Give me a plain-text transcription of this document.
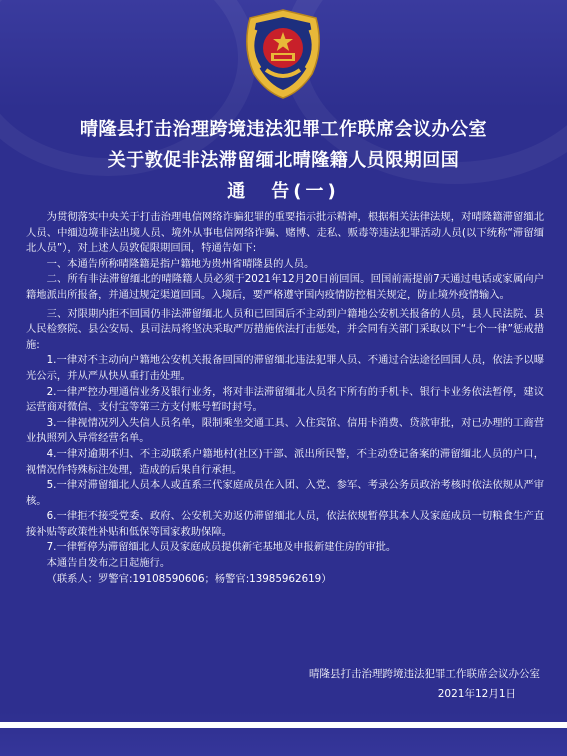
晴隆县打击治理跨境违法犯罪工作联席会议办公室
关于敦促非法滞留缅北晴隆籍人员限期回国
通　告(一)

为贯彻落实中央关于打击治理电信网络诈骗犯罪的重要指示批示精神，根据相关法律法规，对晴隆籍滞留缅北人员、中缅边境非法出境人员、境外从事电信网络诈骗、赌博、走私、贩毒等违法犯罪活动人员(以下统称“滞留缅北人员”），对上述人员敦促限期回国，特通告如下:

一、本通告所称晴隆籍是指户籍地为贵州省晴隆县的人员。

二、所有非法滞留缅北的晴隆籍人员必须于2021年12月20日前回国。回国前需提前7天通过电话或家属向户籍地派出所报备，并通过规定渠道回国。入境后，要严格遵守国内疫情防控相关规定，防止境外疫情输入。

三、对限期内拒不回国仍非法滞留缅北人员和已回国后不主动到户籍地公安机关报备的人员，县人民法院、县人民检察院、县公安局、县司法局将坚决采取严厉措施依法打击惩处，并会同有关部门采取以下“七个一律”惩戒措施:

1.一律对不主动向户籍地公安机关报备回国的滞留缅北违法犯罪人员、不通过合法途径回国人员，依法予以曝光公示，并从严从快从重打击处理。

2.一律严控办理通信业务及银行业务，将对非法滞留缅北人员名下所有的手机卡、银行卡业务依法暂停，建议运营商对微信、支付宝等第三方支付账号暂时封号。

3.一律视情况列入失信人员名单，限制乘坐交通工具、入住宾馆、信用卡消费、贷款审批，对已办理的工商营业执照列入异常经营名单。

4.一律对逾期不归、不主动联系户籍地村(社区)干部、派出所民警，不主动登记备案的滞留缅北人员的户口，视情况作特殊标注处理，造成的后果自行承担。

5.一律对滞留缅北人员本人或直系三代家庭成员在入团、入党、参军、考录公务员政治考核时依法依规从严审核。

6.一律拒不接受党委、政府、公安机关劝返仍滞留缅北人员，依法依规暂停其本人及家庭成员一切粮食生产直接补贴等政策性补贴和低保等国家救助保障。

7.一律暂停为滞留缅北人员及家庭成员提供新宅基地及申报新建住房的审批。

本通告自发布之日起施行。

（联系人：罗警官:19108590606；杨警官:13985962619）

晴隆县打击治理跨境违法犯罪工作联席会议办公室
2021年12月1日
